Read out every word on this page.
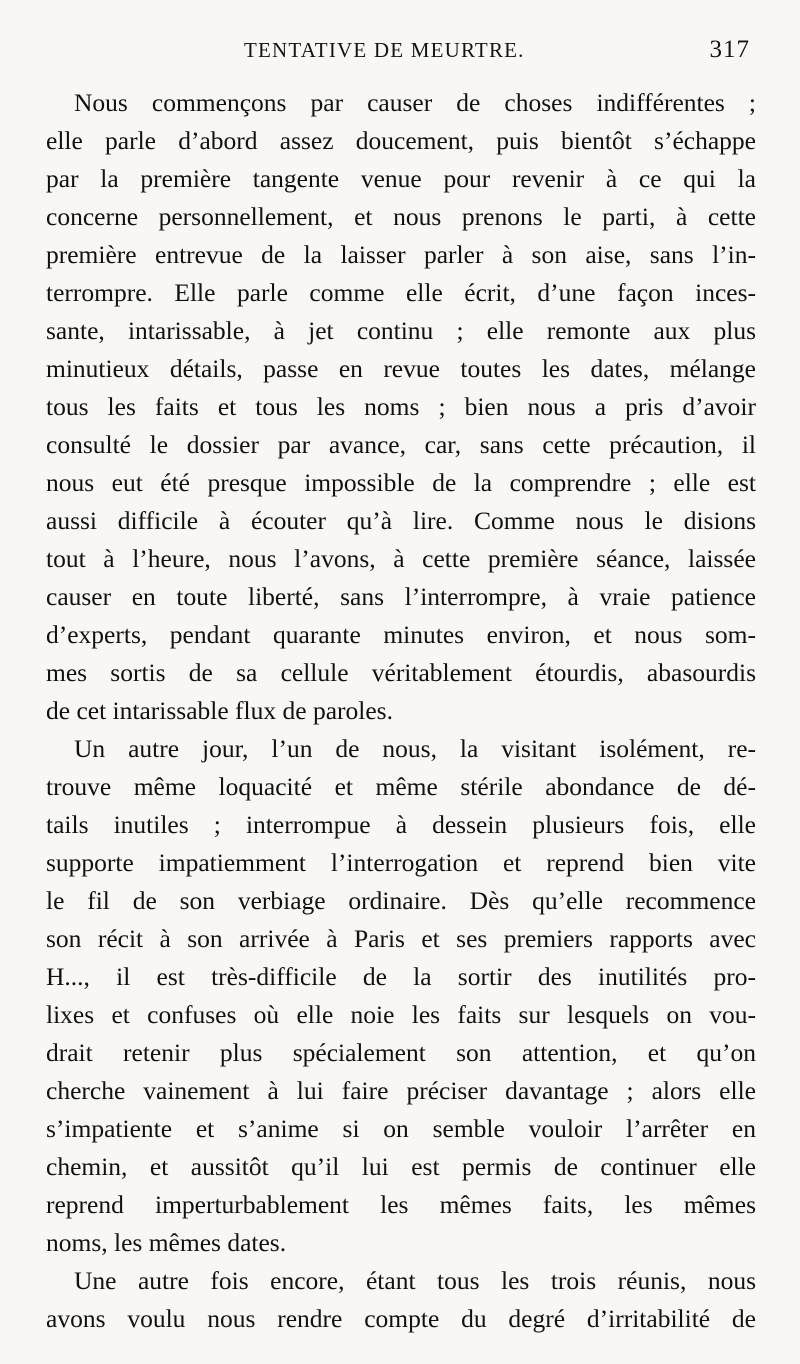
TENTATIVE DE MEURTRE.	317
Nous commençons par causer de choses indifférentes ;
elle parle d’abord assez doucement, puis bientôt s’échappe
par la première tangente venue pour revenir à ce qui la
concerne personnellement, et nous prenons le parti, à cette
première entrevue de la laisser parler à son aise, sans l’in-
terrompre. Elle parle comme elle écrit, d’une façon inces-
sante, intarissable, à jet continu ; elle remonte aux plus
minutieux détails, passe en revue toutes les dates, mélange
tous les faits et tous les noms ; bien nous a pris d’avoir
consulté le dossier par avance, car, sans cette précaution, il
nous eut été presque impossible de la comprendre ; elle est
aussi difficile à écouter qu’à lire. Comme nous le disions
tout à l’heure, nous l’avons, à cette première séance, laissée
causer en toute liberté, sans l’interrompre, à vraie patience
d’experts, pendant quarante minutes environ, et nous som-
mes sortis de sa cellule véritablement étourdis, abasourdis
de cet intarissable flux de paroles.
Un autre jour, l’un de nous, la visitant isolément, re-
trouve même loquacité et même stérile abondance de dé-
tails inutiles ; interrompue à dessein plusieurs fois, elle
supporte impatiemment l’interrogation et reprend bien vite
le fil de son verbiage ordinaire. Dès qu’elle recommence
son récit à son arrivée à Paris et ses premiers rapports avec
H..., il est très-difficile de la sortir des inutilités pro-
lixes et confuses où elle noie les faits sur lesquels on vou-
drait retenir plus spécialement son attention, et qu’on
cherche vainement à lui faire préciser davantage ; alors elle
s’impatiente et s’anime si on semble vouloir l’arrêter en
chemin, et aussitôt qu’il lui est permis de continuer elle
reprend imperturbablement les mêmes faits, les mêmes
noms, les mêmes dates.
Une autre fois encore, étant tous les trois réunis, nous
avons voulu nous rendre compte du degré d’irritabilité de
